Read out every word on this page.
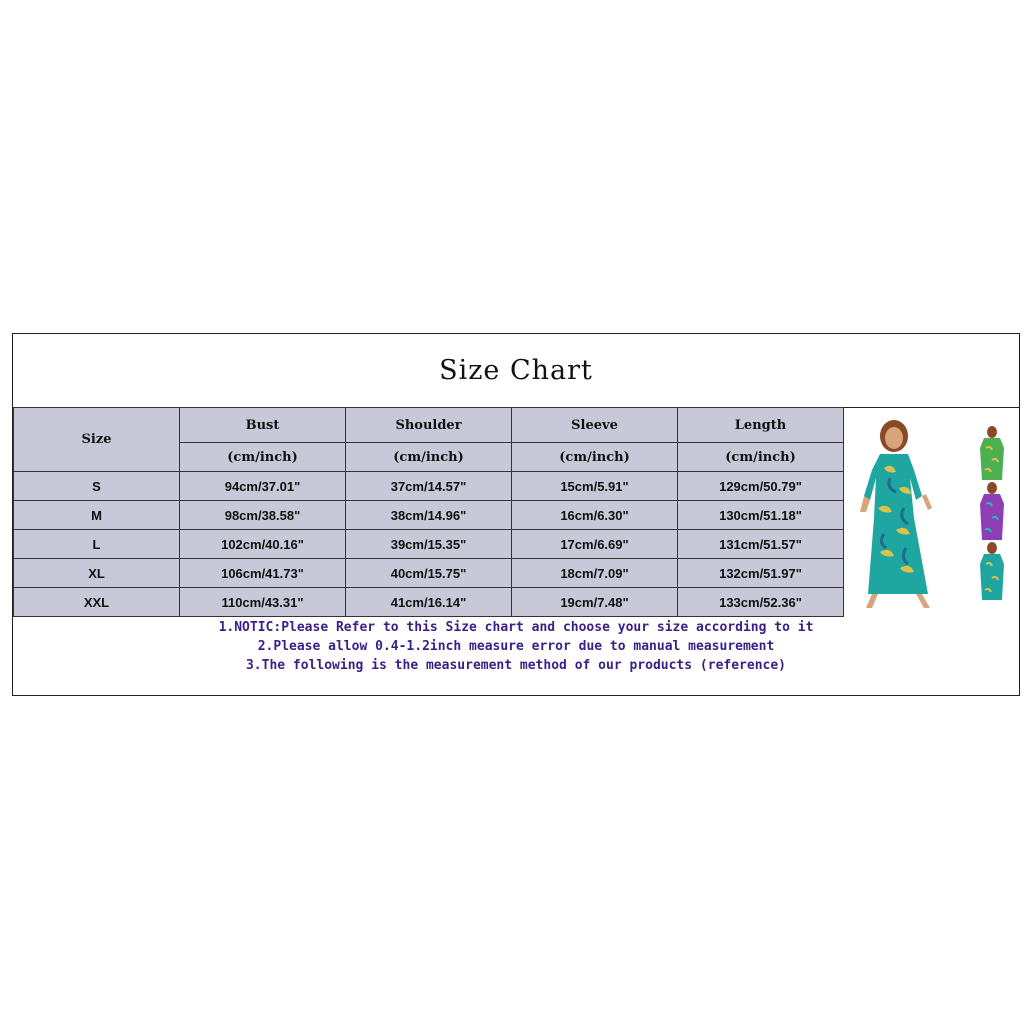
Size Chart
Size	Bust	Shoulder	Sleeve	Length
	(cm/inch)	(cm/inch)	(cm/inch)	(cm/inch)
S	94cm/37.01"	37cm/14.57"	15cm/5.91"	129cm/50.79"
M	98cm/38.58"	38cm/14.96"	16cm/6.30"	130cm/51.18"
L	102cm/40.16"	39cm/15.35"	17cm/6.69"	131cm/51.57"
XL	106cm/41.73"	40cm/15.75"	18cm/7.09"	132cm/51.97"
XXL	110cm/43.31"	41cm/16.14"	19cm/7.48"	133cm/52.36"
1.NOTIC:Please Refer to this Size chart and choose your size according to it
2.Please allow 0.4-1.2inch measure error due to manual measurement
3.The following is the measurement method of our products (reference)
